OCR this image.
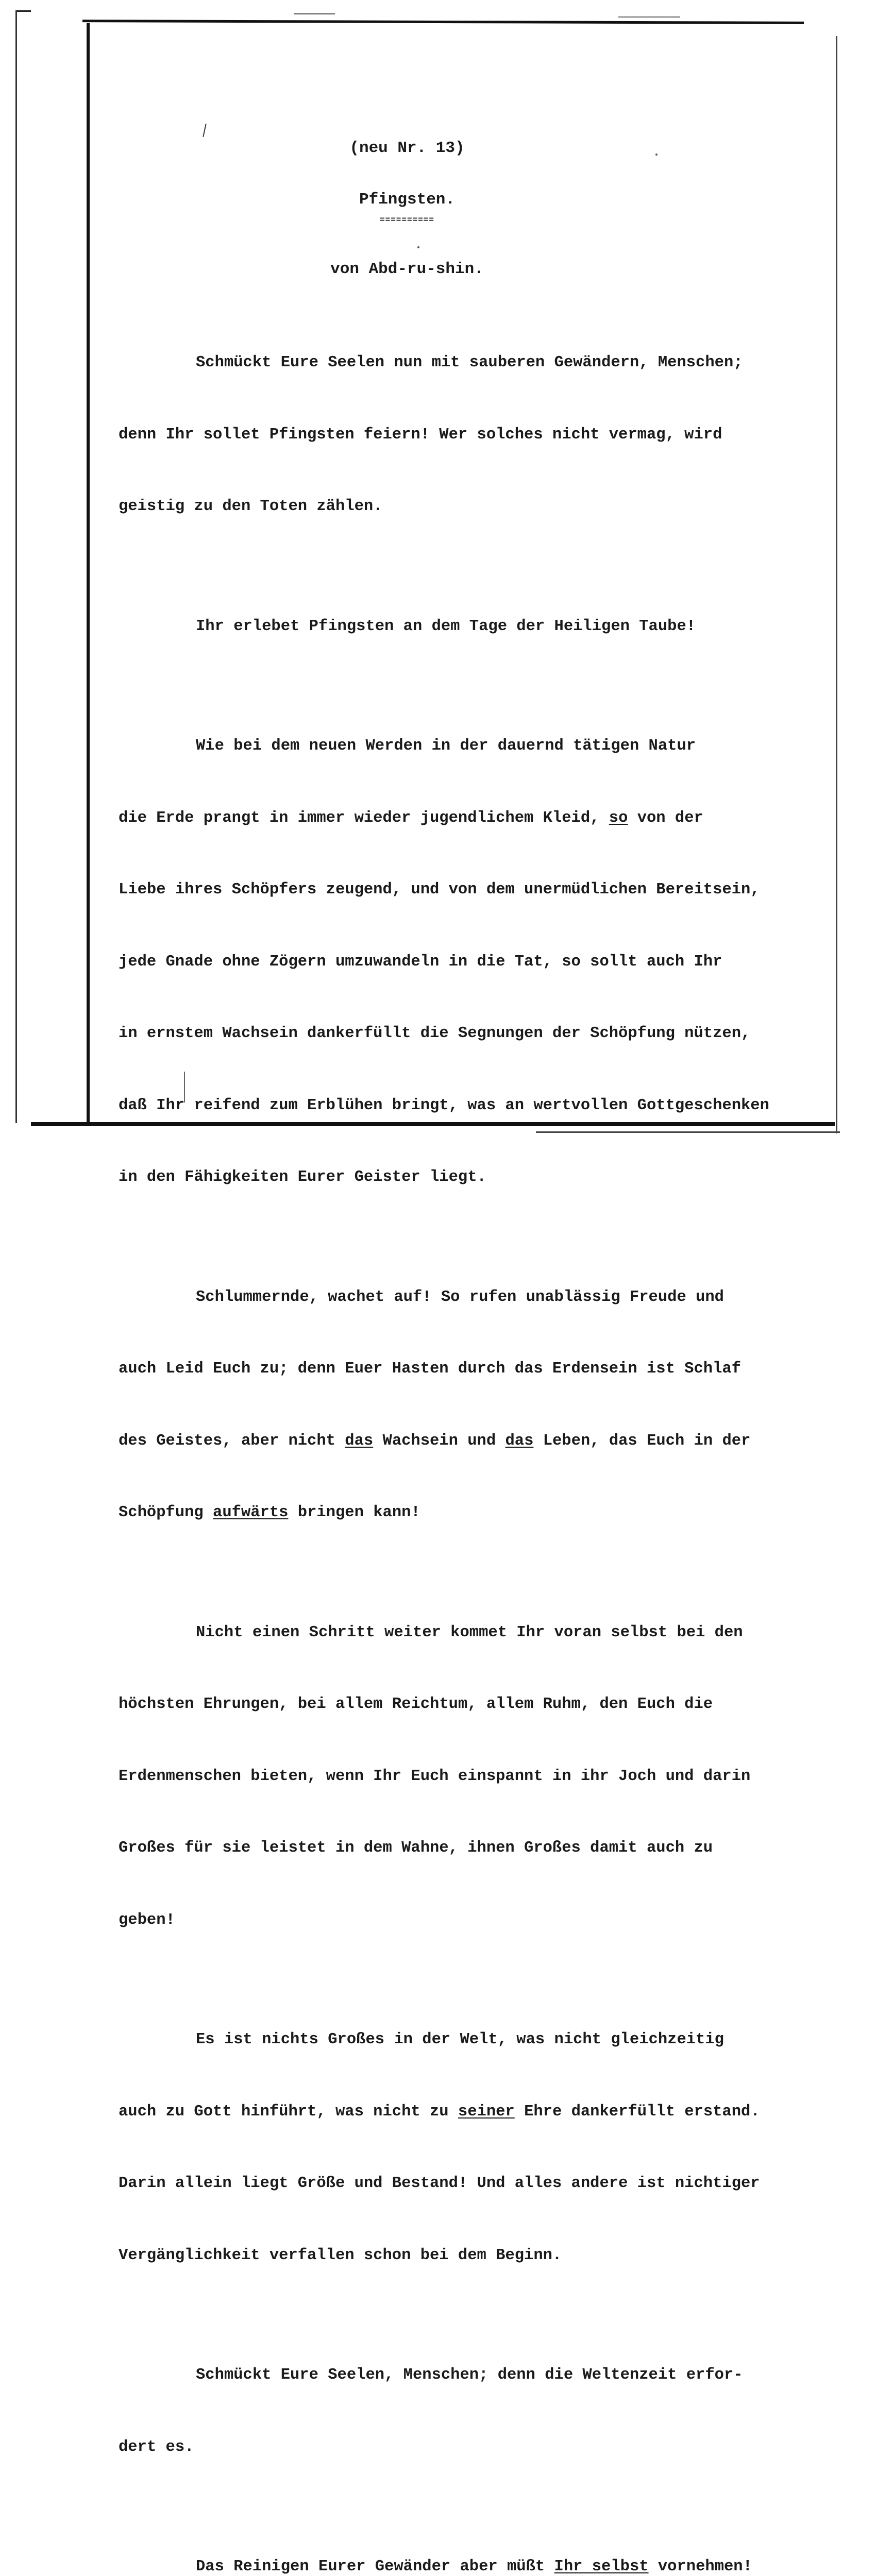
(neu Nr. 13)
Pfingsten.
==========
von Abd-ru-shin.

Schmückt Eure Seelen nun mit sauberen Gewändern, Menschen;

denn Ihr sollet Pfingsten feiern! Wer solches nicht vermag, wird

geistig zu den Toten zählen.

Ihr erlebet Pfingsten an dem Tage der Heiligen Taube!

Wie bei dem neuen Werden in der dauernd tätigen Natur

die Erde prangt in immer wieder jugendlichem Kleid, so von der

Liebe ihres Schöpfers zeugend, und von dem unermüdlichen Bereitsein,

jede Gnade ohne Zögern umzuwandeln in die Tat, so sollt auch Ihr

in ernstem Wachsein dankerfüllt die Segnungen der Schöpfung nützen,

daß Ihr reifend zum Erblühen bringt, was an wertvollen Gottgeschenken

in den Fähigkeiten Eurer Geister liegt.

Schlummernde, wachet auf! So rufen unablässig Freude und

auch Leid Euch zu; denn Euer Hasten durch das Erdensein ist Schlaf

des Geistes, aber nicht das Wachsein und das Leben, das Euch in der

Schöpfung aufwärts bringen kann!

Nicht einen Schritt weiter kommet Ihr voran selbst bei den

höchsten Ehrungen, bei allem Reichtum, allem Ruhm, den Euch die

Erdenmenschen bieten, wenn Ihr Euch einspannt in ihr Joch und darin

Großes für sie leistet in dem Wahne, ihnen Großes damit auch zu

geben!

Es ist nichts Großes in der Welt, was nicht gleichzeitig

auch zu Gott hinführt, was nicht zu seiner Ehre dankerfüllt erstand.

Darin allein liegt Größe und Bestand! Und alles andere ist nichtiger

Vergänglichkeit verfallen schon bei dem Beginn.

Schmückt Eure Seelen, Menschen; denn die Weltenzeit erfor-

dert es.

Das Reinigen Eurer Gewänder aber müßt Ihr selbst vornehmen!
